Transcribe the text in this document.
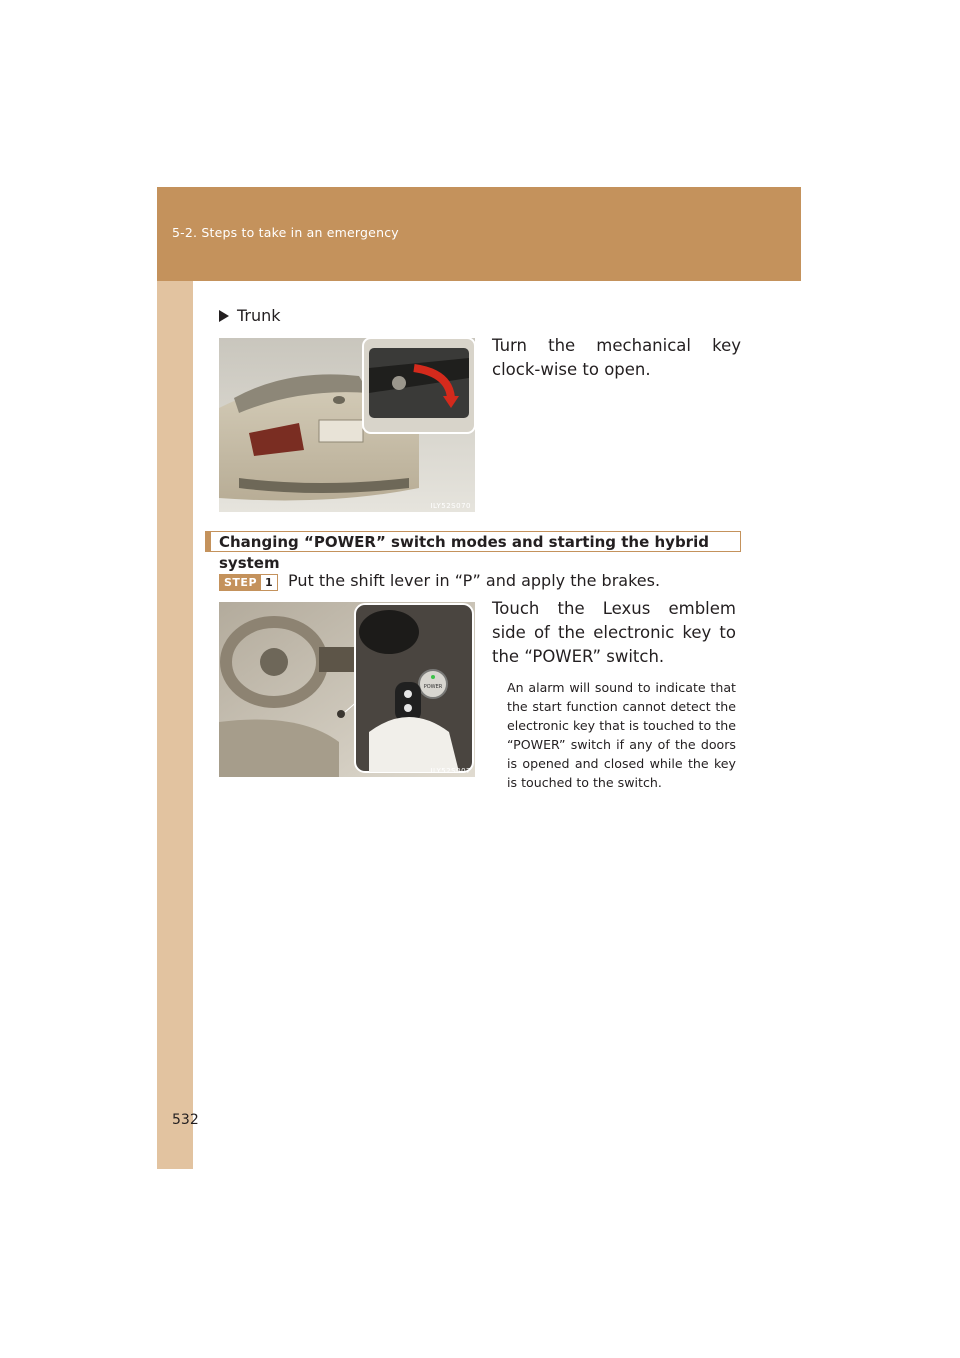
5-2. Steps to take in an emergency
Trunk
ILY52S070
Turn the mechanical key clock-wise to open.
Changing “POWER” switch modes and starting the hybrid system
STEP 1 Put the shift lever in “P” and apply the brakes.
POWER
ILY52S007
Touch the Lexus emblem side of the electronic key to the “POWER” switch.
An alarm will sound to indicate that the start function cannot detect the electronic key that is touched to the “POWER” switch if any of the doors is opened and closed while the key is touched to the switch.
532
